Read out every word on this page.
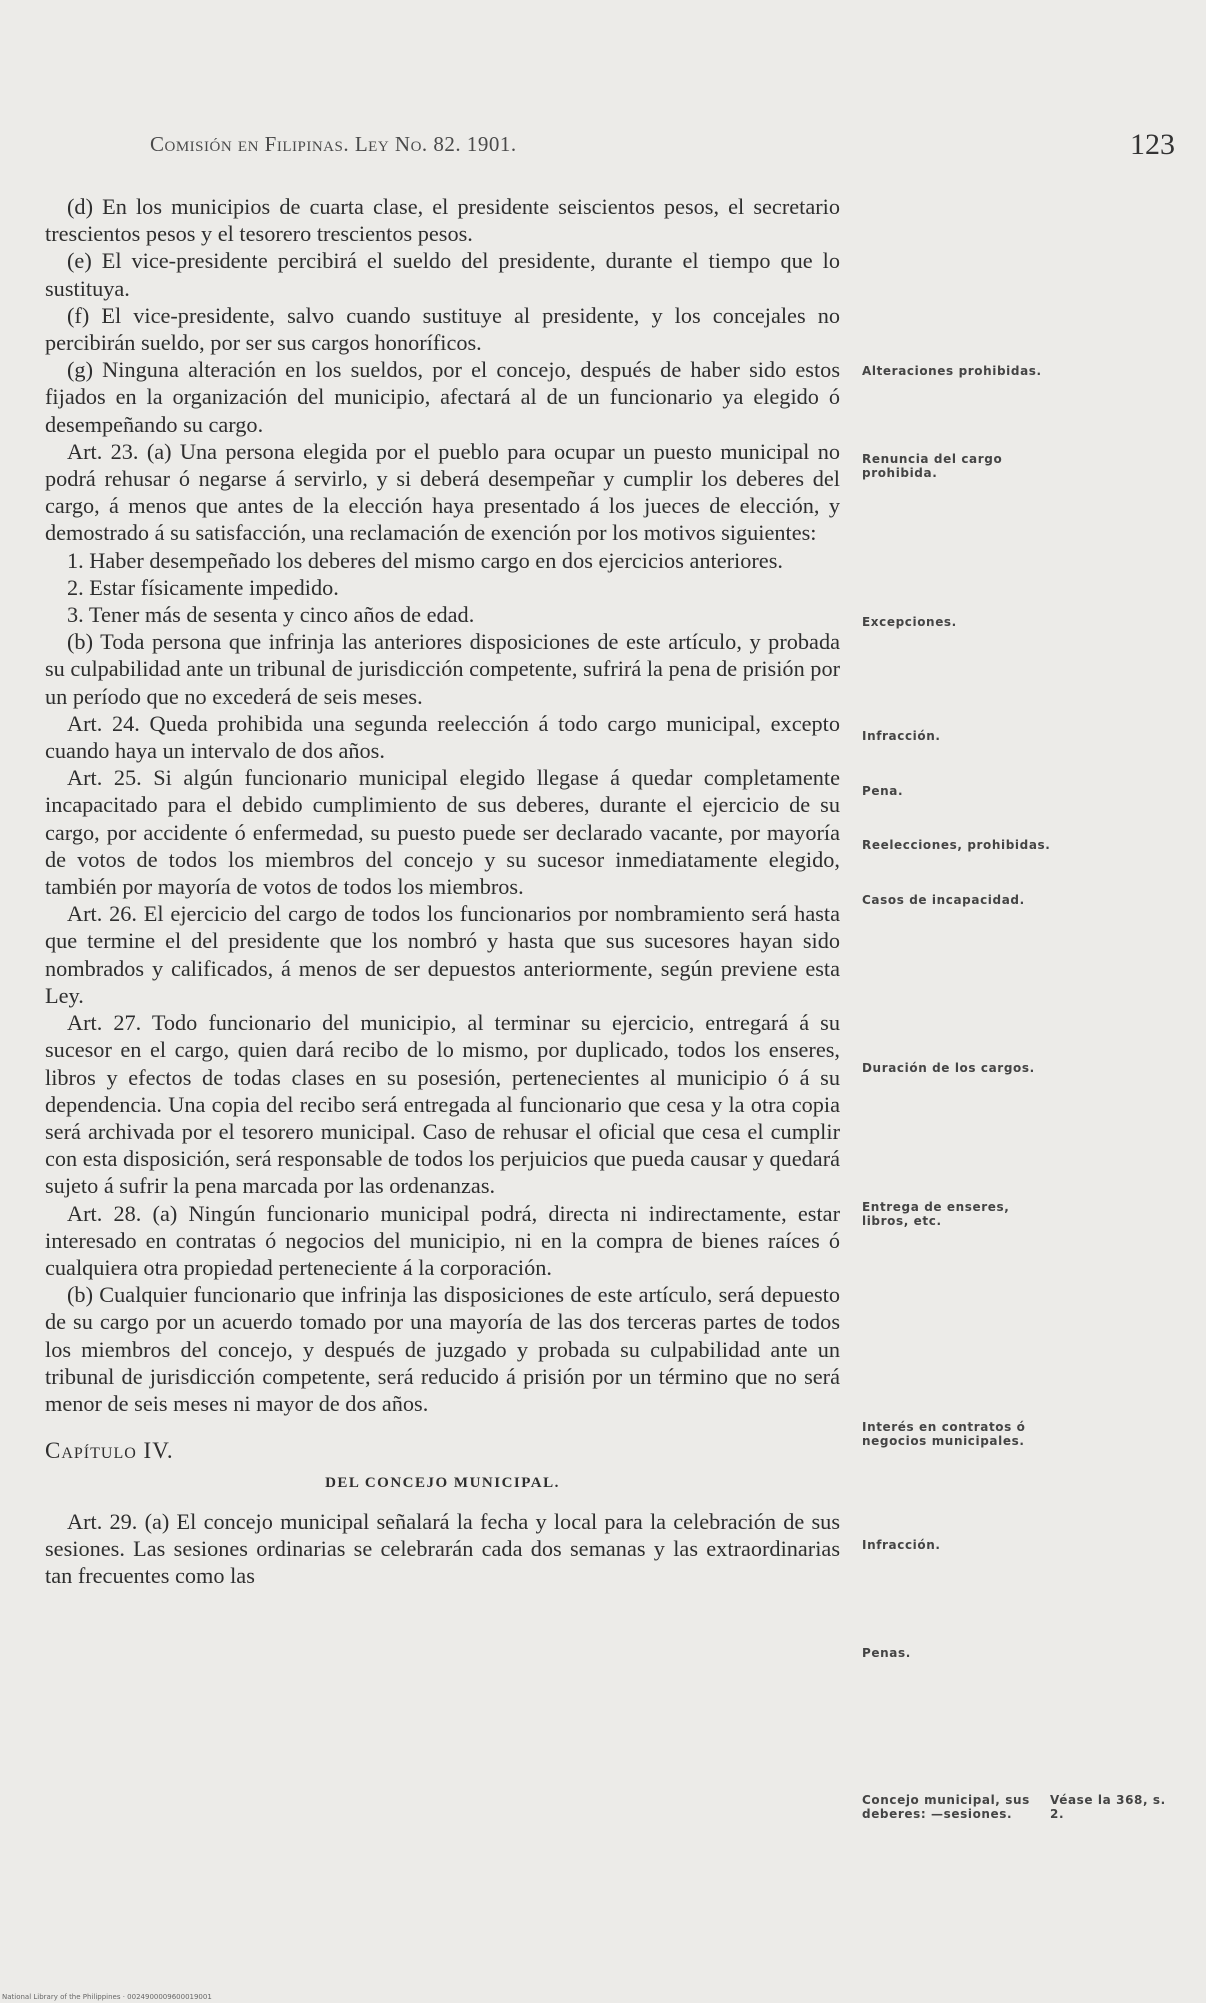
Comisión en Filipinas. Ley No. 82. 1901.	123

(d) En los municipios de cuarta clase, el presidente seiscientos pesos, el secretario trescientos pesos y el tesorero trescientos pesos.

(e) El vice-presidente percibirá el sueldo del presidente, durante el tiempo que lo sustituya.

(f) El vice-presidente, salvo cuando sustituye al presidente, y los concejales no percibirán sueldo, por ser sus cargos honoríficos.

(g) Ninguna alteración en los sueldos, por el concejo, después de haber sido estos fijados en la organización del municipio, afectará al de un funcionario ya elegido ó desempeñando su cargo.

Art. 23. (a) Una persona elegida por el pueblo para ocupar un puesto municipal no podrá rehusar ó negarse á servirlo, y si deberá desempeñar y cumplir los deberes del cargo, á menos que antes de la elección haya presentado á los jueces de elección, y demostrado á su satisfacción, una reclamación de exención por los motivos siguientes:

1. Haber desempeñado los deberes del mismo cargo en dos ejercicios anteriores.

2. Estar físicamente impedido.

3. Tener más de sesenta y cinco años de edad.

(b) Toda persona que infrinja las anteriores disposiciones de este artículo, y probada su culpabilidad ante un tribunal de jurisdicción competente, sufrirá la pena de prisión por un período que no excederá de seis meses.

Art. 24. Queda prohibida una segunda reelección á todo cargo municipal, excepto cuando haya un intervalo de dos años.

Art. 25. Si algún funcionario municipal elegido llegase á quedar completamente incapacitado para el debido cumplimiento de sus deberes, durante el ejercicio de su cargo, por accidente ó enfermedad, su puesto puede ser declarado vacante, por mayoría de votos de todos los miembros del concejo y su sucesor inmediatamente elegido, también por mayoría de votos de todos los miembros.

Art. 26. El ejercicio del cargo de todos los funcionarios por nombramiento será hasta que termine el del presidente que los nombró y hasta que sus sucesores hayan sido nombrados y calificados, á menos de ser depuestos anteriormente, según previene esta Ley.

Art. 27. Todo funcionario del municipio, al terminar su ejercicio, entregará á su sucesor en el cargo, quien dará recibo de lo mismo, por duplicado, todos los enseres, libros y efectos de todas clases en su posesión, pertenecientes al municipio ó á su dependencia. Una copia del recibo será entregada al funcionario que cesa y la otra copia será archivada por el tesorero municipal. Caso de rehusar el oficial que cesa el cumplir con esta disposición, será responsable de todos los perjuicios que pueda causar y quedará sujeto á sufrir la pena marcada por las ordenanzas.

Art. 28. (a) Ningún funcionario municipal podrá, directa ni indirectamente, estar interesado en contratas ó negocios del municipio, ni en la compra de bienes raíces ó cualquiera otra propiedad perteneciente á la corporación.

(b) Cualquier funcionario que infrinja las disposiciones de este artículo, será depuesto de su cargo por un acuerdo tomado por una mayoría de las dos terceras partes de todos los miembros del concejo, y después de juzgado y probada su culpabilidad ante un tribunal de jurisdicción competente, será reducido á prisión por un término que no será menor de seis meses ni mayor de dos años.

Capítulo IV.

DEL CONCEJO MUNICIPAL.

Art. 29. (a) El concejo municipal señalará la fecha y local para la celebración de sus sesiones. Las sesiones ordinarias se celebrarán cada dos semanas y las extraordinarias tan frecuentes como las

Alteraciones prohibidas.
Renuncia del cargo prohibida.
Excepciones.
Infracción.
Pena.
Reelecciones, prohibidas.
Casos de incapacidad.
Duración de los cargos.
Entrega de enseres, libros, etc.
Interés en contratos ó negocios municipales.
Infracción.
Penas.
Concejo municipal, sus deberes: —sesiones.
Véase la 368, s. 2.
National Library of the Philippines · 0024900009600019001
